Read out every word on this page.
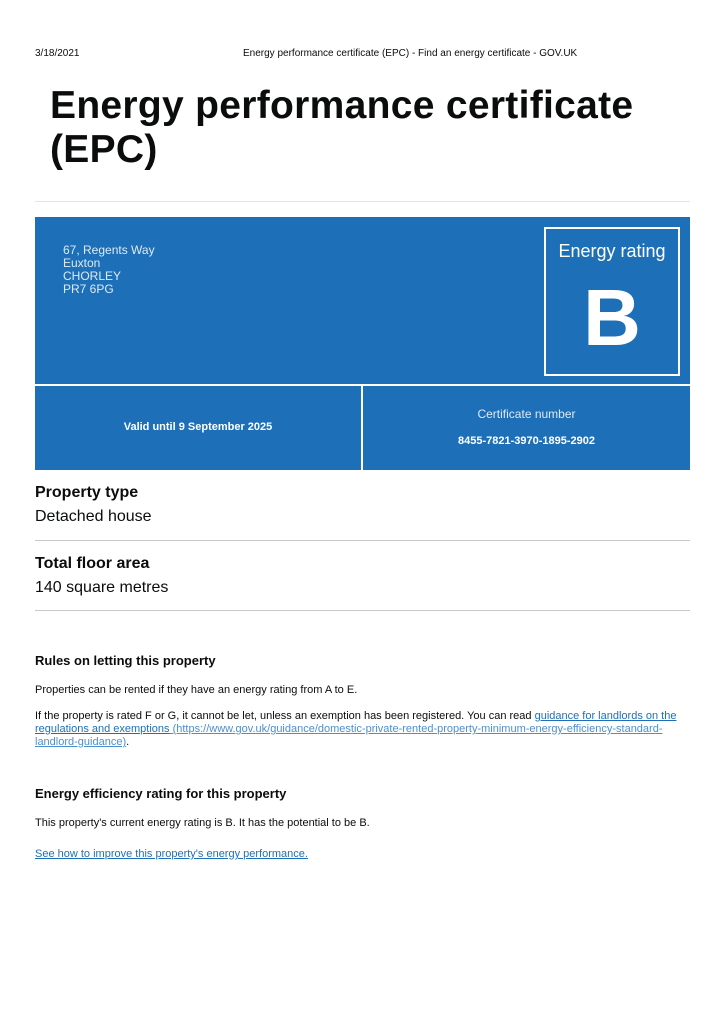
3/18/2021	Energy performance certificate (EPC) - Find an energy certificate - GOV.UK
Energy performance certificate
(EPC)
67, Regents Way
Euxton
CHORLEY
PR7 6PG
Energy rating
B
Valid until 9 September 2025
Certificate number
8455-7821-3970-1895-2902
Property type
Detached house
Total floor area
140 square metres
Rules on letting this property

Properties can be rented if they have an energy rating from A to E.

If the property is rated F or G, it cannot be let, unless an exemption has been registered. You can read guidance for landlords on the regulations and exemptions (https://www.gov.uk/guidance/domestic-private-rented-property-minimum-energy-efficiency-standard-landlord-guidance).

Energy efficiency rating for this property

This property's current energy rating is B. It has the potential to be B.

See how to improve this property's energy performance.
